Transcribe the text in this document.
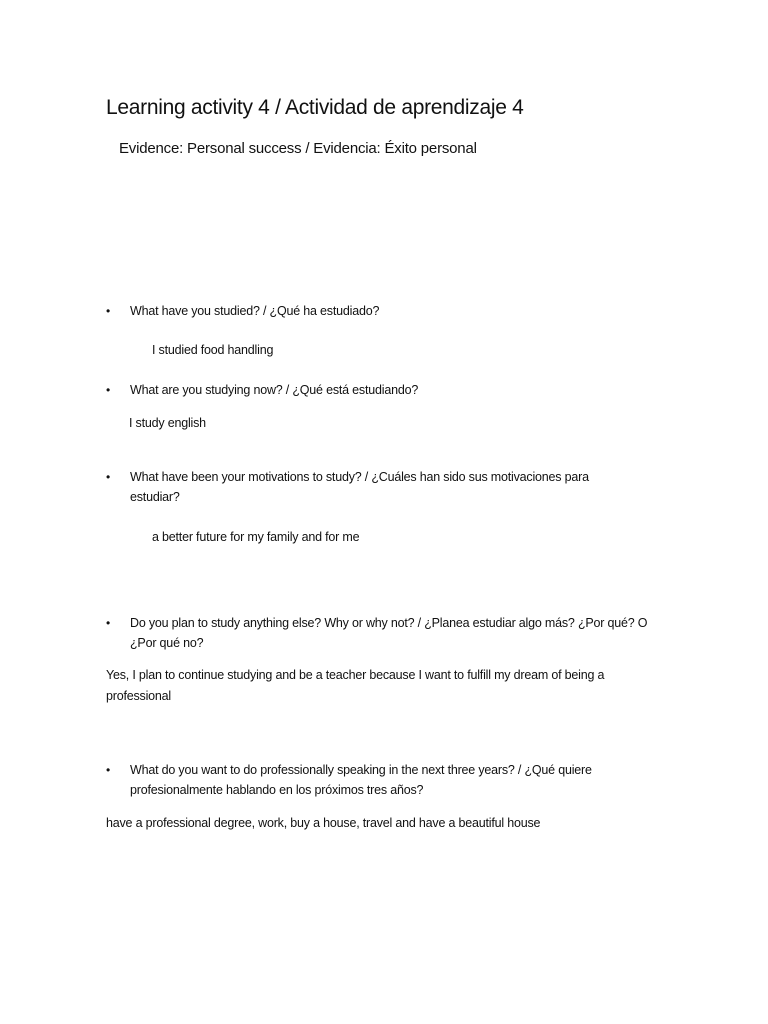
Learning activity 4 / Actividad de aprendizaje 4
Evidence: Personal success / Evidencia: Éxito personal
• What have you studied? / ¿Qué ha estudiado?

I studied food handling

• What are you studying now? / ¿Qué está estudiando?

I study english

• What have been your motivations to study? / ¿Cuáles han sido sus motivaciones para estudiar?

a better future for my family and for me

• Do you plan to study anything else? Why or why not? / ¿Planea estudiar algo más? ¿Por qué? O ¿Por qué no?

Yes, I plan to continue studying and be a teacher because I want to fulfill my dream of being a professional

• What do you want to do professionally speaking in the next three years? / ¿Qué quiere profesionalmente hablando en los próximos tres años?

have a professional degree, work, buy a house, travel and have a beautiful house
